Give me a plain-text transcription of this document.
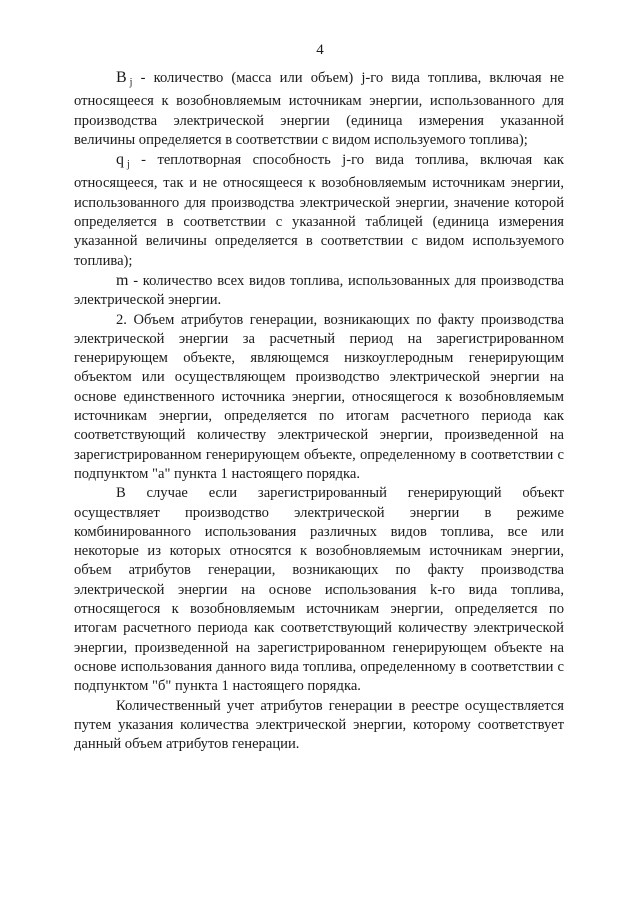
4

B $_j$ - количество (масса или объем) j-го вида топлива, включая не относящееся к возобновляемым источникам энергии, использованного для производства электрической энергии (единица измерения указанной величины определяется в соответствии с видом используемого топлива);

q $_j$ - теплотворная способность j-го вида топлива, включая как относящееся, так и не относящееся к возобновляемым источникам энергии, использованного для производства электрической энергии, значение которой определяется в соответствии с указанной таблицей (единица измерения указанной величины определяется в соответствии с видом используемого топлива);

m - количество всех видов топлива, использованных для производства электрической энергии.

2. Объем атрибутов генерации, возникающих по факту производства электрической энергии за расчетный период на зарегистрированном генерирующем объекте, являющемся низкоуглеродным генерирующим объектом или осуществляющем производство электрической энергии на основе единственного источника энергии, относящегося к возобновляемым источникам энергии, определяется по итогам расчетного периода как соответствующий количеству электрической энергии, произведенной на зарегистрированном генерирующем объекте, определенному в соответствии с подпунктом "а" пункта 1 настоящего порядка.

В случае если зарегистрированный генерирующий объект осуществляет производство электрической энергии в режиме комбинированного использования различных видов топлива, все или некоторые из которых относятся к возобновляемым источникам энергии, объем атрибутов генерации, возникающих по факту производства электрической энергии на основе использования k-го вида топлива, относящегося к возобновляемым источникам энергии, определяется по итогам расчетного периода как соответствующий количеству электрической энергии, произведенной на зарегистрированном генерирующем объекте на основе использования данного вида топлива, определенному в соответствии с подпунктом "б" пункта 1 настоящего порядка.

Количественный учет атрибутов генерации в реестре осуществляется путем указания количества электрической энергии, которому соответствует данный объем атрибутов генерации.
